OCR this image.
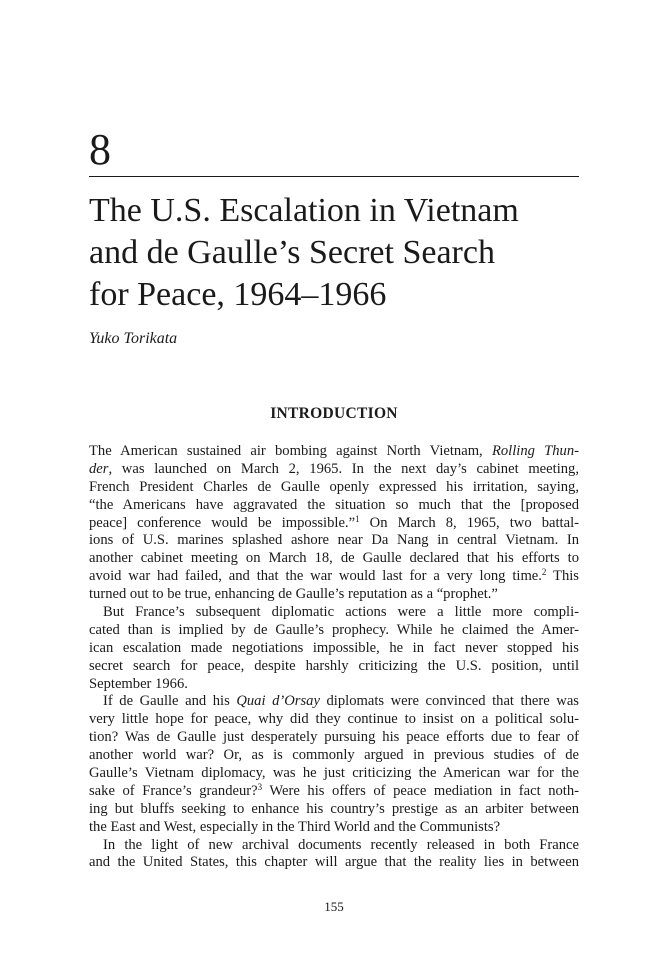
8
The U.S. Escalation in Vietnam
and de Gaulle’s Secret Search
for Peace, 1964–1966
Yuko Torikata
INTRODUCTION
The American sustained air bombing against North Vietnam, Rolling Thun-
der, was launched on March 2, 1965. In the next day’s cabinet meeting,
French President Charles de Gaulle openly expressed his irritation, saying,
“the Americans have aggravated the situation so much that the [proposed
peace] conference would be impossible.”$^1$ On March 8, 1965, two battal-
ions of U.S. marines splashed ashore near Da Nang in central Vietnam. In
another cabinet meeting on March 18, de Gaulle declared that his efforts to
avoid war had failed, and that the war would last for a very long time.$^2$ This
turned out to be true, enhancing de Gaulle’s reputation as a “prophet.”
But France’s subsequent diplomatic actions were a little more compli-
cated than is implied by de Gaulle’s prophecy. While he claimed the Amer-
ican escalation made negotiations impossible, he in fact never stopped his
secret search for peace, despite harshly criticizing the U.S. position, until
September 1966.
If de Gaulle and his Quai d’Orsay diplomats were convinced that there was
very little hope for peace, why did they continue to insist on a political solu-
tion? Was de Gaulle just desperately pursuing his peace efforts due to fear of
another world war? Or, as is commonly argued in previous studies of de
Gaulle’s Vietnam diplomacy, was he just criticizing the American war for the
sake of France’s grandeur?$^3$ Were his offers of peace mediation in fact noth-
ing but bluffs seeking to enhance his country’s prestige as an arbiter between
the East and West, especially in the Third World and the Communists?
In the light of new archival documents recently released in both France
and the United States, this chapter will argue that the reality lies in between
155
